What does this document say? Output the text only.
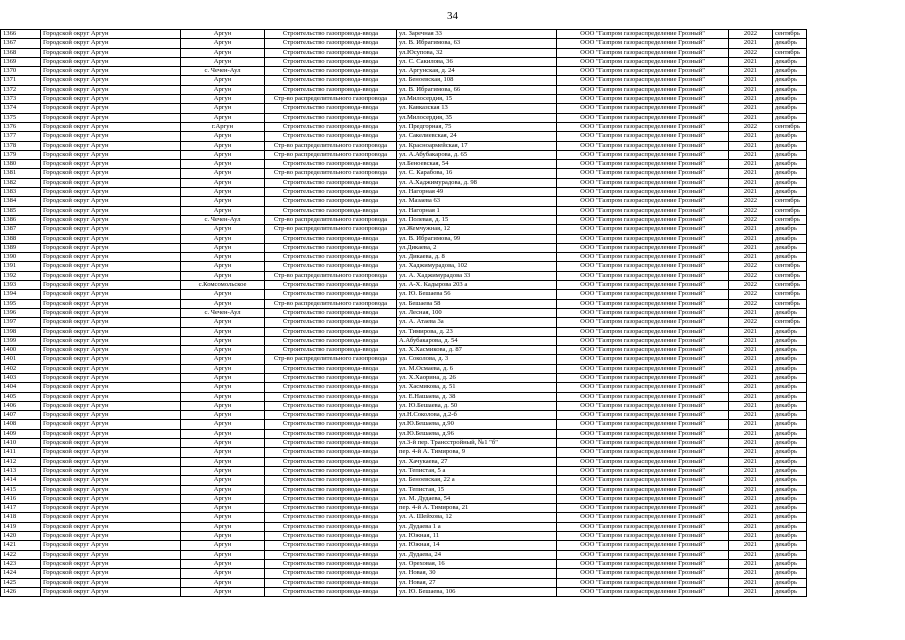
34
1366	Городской округ Аргун	Аргун	Строительство газопровода-ввода	ул. Заречная 33	ООО "Газпром газораспределение Грозный"	2022	сентябрь
1367	Городской округ Аргун	Аргун	Строительство газопровода-ввода	ул. В. Ибрагимова, 63	ООО "Газпром газораспределение Грозный"	2021	декабрь
1368	Городской округ Аргун	Аргун	Строительство газопровода-ввода	ул.Юсупова, 32	ООО "Газпром газораспределение Грозный"	2022	сентябрь
1369	Городской округ Аргун	Аргун	Строительство газопровода-ввода	ул. С. Сакилова, 36	ООО "Газпром газораспределение Грозный"	2021	декабрь
1370	Городской округ Аргун	с. Чечен-Аул	Строительство газопровода-ввода	ул. Аргунская, д. 24	ООО "Газпром газораспределение Грозный"	2021	декабрь
1371	Городской округ Аргун	Аргун	Строительство газопровода-ввода	ул. Беноевская, 108	ООО "Газпром газораспределение Грозный"	2021	декабрь
1372	Городской округ Аргун	Аргун	Строительство газопровода-ввода	ул. В. Ибрагимова, 66	ООО "Газпром газораспределение Грозный"	2021	декабрь
1373	Городской округ Аргун	Аргун	Стр-во распределительного газопровода	ул.Милосердия, 15	ООО "Газпром газораспределение Грозный"	2021	декабрь
1374	Городской округ Аргун	Аргун	Строительство газопровода-ввода	ул. Кавказская 13	ООО "Газпром газораспределение Грозный"	2021	декабрь
1375	Городской округ Аргун	Аргун	Строительство газопровода-ввода	ул.Милосердия, 35	ООО "Газпром газораспределение Грозный"	2021	декабрь
1376	Городской округ Аргун	г.Аргун	Строительство газопровода-ввода	ул. Предгорная, 75	ООО "Газпром газораспределение Грозный"	2022	сентябрь
1377	Городской округ Аргун	Аргун	Строительство газопровода-ввода	ул. Сакелиевская, 24	ООО "Газпром газораспределение Грозный"	2021	декабрь
1378	Городской округ Аргун	Аргун	Стр-во распределительного газопровода	ул. Красноармейская, 17	ООО "Газпром газораспределение Грозный"	2021	декабрь
1379	Городской округ Аргун	Аргун	Стр-во распределительного газопровода	ул. А.Абубакарова, д. 65	ООО "Газпром газораспределение Грозный"	2021	декабрь
1380	Городской округ Аргун	Аргун	Строительство газопровода-ввода	ул.Беноевская, 54	ООО "Газпром газораспределение Грозный"	2021	декабрь
1381	Городской округ Аргун	Аргун	Стр-во распределительного газопровода	ул. С. Карабова, 16	ООО "Газпром газораспределение Грозный"	2021	декабрь
1382	Городской округ Аргун	Аргун	Строительство газопровода-ввода	ул. А.Хаджимурадова, д. 98	ООО "Газпром газораспределение Грозный"	2021	декабрь
1383	Городской округ Аргун	Аргун	Строительство газопровода-ввода	ул. Нагорная 49	ООО "Газпром газораспределение Грозный"	2021	декабрь
1384	Городской округ Аргун	Аргун	Строительство газопровода-ввода	ул. Мазаева 63	ООО "Газпром газораспределение Грозный"	2022	сентябрь
1385	Городской округ Аргун	Аргун	Строительство газопровода-ввода	ул. Нагорная 1	ООО "Газпром газораспределение Грозный"	2022	сентябрь
1386	Городской округ Аргун	с. Чечен-Аул	Стр-во распределительного газопровода	ул. Полевая, д. 15	ООО "Газпром газораспределение Грозный"	2022	сентябрь
1387	Городской округ Аргун	Аргун	Стр-во распределительного газопровода	ул.Жемчужная, 12	ООО "Газпром газораспределение Грозный"	2021	декабрь
1388	Городской округ Аргун	Аргун	Строительство газопровода-ввода	ул. В. Ибрагимова, 99	ООО "Газпром газораспределение Грозный"	2021	декабрь
1389	Городской округ Аргун	Аргун	Строительство газопровода-ввода	ул.Дикаева, 2	ООО "Газпром газораспределение Грозный"	2021	декабрь
1390	Городской округ Аргун	Аргун	Строительство газопровода-ввода	ул. Дикаева, д. 8	ООО "Газпром газораспределение Грозный"	2021	декабрь
1391	Городской округ Аргун	Аргун	Строительство газопровода-ввода	ул. Хаджимурадова, 102	ООО "Газпром газораспределение Грозный"	2022	сентябрь
1392	Городской округ Аргун	Аргун	Стр-во распределительного газопровода	ул. А. Хаджимурадова 33	ООО "Газпром газораспределение Грозный"	2022	сентябрь
1393	Городской округ Аргун	с.Комсомольское	Строительство газопровода-ввода	ул. А-Х. Кадырова 203 а	ООО "Газпром газораспределение Грозный"	2022	сентябрь
1394	Городской округ Аргун	Аргун	Строительство газопровода-ввода	ул. Ю. Бешаева 56	ООО "Газпром газораспределение Грозный"	2022	сентябрь
1395	Городской округ Аргун	Аргун	Стр-во распределительного газопровода	ул. Бешаева 58	ООО "Газпром газораспределение Грозный"	2022	сентябрь
1396	Городской округ Аргун	с. Чечен-Аул	Строительство газопровода-ввода	ул. Лесная, 100	ООО "Газпром газораспределение Грозный"	2021	декабрь
1397	Городской округ Аргун	Аргун	Строительство газопровода-ввода	ул. А. Атаева 3а	ООО "Газпром газораспределение Грозный"	2022	сентябрь
1398	Городской округ Аргун	Аргун	Строительство газопровода-ввода	ул. Тимирова, д. 23	ООО "Газпром газораспределение Грозный"	2021	декабрь
1399	Городской округ Аргун	Аргун	Строительство газопровода-ввода	А.Абубакарова, д. 54	ООО "Газпром газораспределение Грозный"	2021	декабрь
1400	Городской округ Аргун	Аргун	Строительство газопровода-ввода	ул. Х.Хасмикова, д. 87	ООО "Газпром газораспределение Грозный"	2021	декабрь
1401	Городской округ Аргун	Аргун	Стр-во распределительного газопровода	ул. Соколова, д. 3	ООО "Газпром газораспределение Грозный"	2021	декабрь
1402	Городской округ Аргун	Аргун	Строительство газопровода-ввода	ул. М.Осмаева, д. 6	ООО "Газпром газораспределение Грозный"	2021	декабрь
1403	Городской округ Аргун	Аргун	Строительство газопровода-ввода	ул. Х.Хаорина, д. 26	ООО "Газпром газораспределение Грозный"	2021	декабрь
1404	Городской округ Аргун	Аргун	Строительство газопровода-ввода	ул. Хасмикова, д. 51	ООО "Газпром газораспределение Грозный"	2021	декабрь
1405	Городской округ Аргун	Аргун	Строительство газопровода-ввода	ул. Е.Нашаева, д. 38	ООО "Газпром газораспределение Грозный"	2021	декабрь
1406	Городской округ Аргун	Аргун	Строительство газопровода-ввода	ул. Ю.Бешаева, д. 50	ООО "Газпром газораспределение Грозный"	2021	декабрь
1407	Городской округ Аргун	Аргун	Строительство газопровода-ввода	ул.Н.Соколова, д.2-б	ООО "Газпром газораспределение Грозный"	2021	декабрь
1408	Городской округ Аргун	Аргун	Строительство газопровода-ввода	ул.Ю.Бешаева, д.90	ООО "Газпром газораспределение Грозный"	2021	декабрь
1409	Городской округ Аргун	Аргун	Строительство газопровода-ввода	ул.Ю.Бешаева, д.96	ООО "Газпром газораспределение Грозный"	2021	декабрь
1410	Городской округ Аргун	Аргун	Строительство газопровода-ввода	ул.3-й пер. Трансстройный, №1 "б"	ООО "Газпром газораспределение Грозный"	2021	декабрь
1411	Городской округ Аргун	Аргун	Строительство газопровода-ввода	пер. 4-й А. Тимирова, 9	ООО "Газпром газораспределение Грозный"	2021	декабрь
1412	Городской округ Аргун	Аргун	Строительство газопровода-ввода	ул. Хачукаева, 27	ООО "Газпром газораспределение Грозный"	2021	декабрь
1413	Городской округ Аргун	Аргун	Строительство газопровода-ввода	ул. Тепистая, 5 а	ООО "Газпром газораспределение Грозный"	2021	декабрь
1414	Городской округ Аргун	Аргун	Строительство газопровода-ввода	ул. Беноевская, 22 а	ООО "Газпром газораспределение Грозный"	2021	декабрь
1415	Городской округ Аргун	Аргун	Строительство газопровода-ввода	ул. Тепистая, 15	ООО "Газпром газораспределение Грозный"	2021	декабрь
1416	Городской округ Аргун	Аргун	Строительство газопровода-ввода	ул. М. Дудаева, 54	ООО "Газпром газораспределение Грозный"	2021	декабрь
1417	Городской округ Аргун	Аргун	Строительство газопровода-ввода	пер. 4-й А. Тимирова, 21	ООО "Газпром газораспределение Грозный"	2021	декабрь
1418	Городской округ Аргун	Аргун	Строительство газопровода-ввода	ул. А. Шейхова, 12	ООО "Газпром газораспределение Грозный"	2021	декабрь
1419	Городской округ Аргун	Аргун	Строительство газопровода-ввода	ул. Дудаева 1 а	ООО "Газпром газораспределение Грозный"	2021	декабрь
1420	Городской округ Аргун	Аргун	Строительство газопровода-ввода	ул. Южная, 11	ООО "Газпром газораспределение Грозный"	2021	декабрь
1421	Городской округ Аргун	Аргун	Строительство газопровода-ввода	ул. Южная, 14	ООО "Газпром газораспределение Грозный"	2021	декабрь
1422	Городской округ Аргун	Аргун	Строительство газопровода-ввода	ул. Дудаева, 24	ООО "Газпром газораспределение Грозный"	2021	декабрь
1423	Городской округ Аргун	Аргун	Строительство газопровода-ввода	ул. Ореховая, 16	ООО "Газпром газораспределение Грозный"	2021	декабрь
1424	Городской округ Аргун	Аргун	Строительство газопровода-ввода	ул. Новая, 30	ООО "Газпром газораспределение Грозный"	2021	декабрь
1425	Городской округ Аргун	Аргун	Строительство газопровода-ввода	ул. Новая, 27	ООО "Газпром газораспределение Грозный"	2021	декабрь
1426	Городской округ Аргун	Аргун	Строительство газопровода-ввода	ул. Ю. Бешаева, 106	ООО "Газпром газораспределение Грозный"	2021	декабрь
